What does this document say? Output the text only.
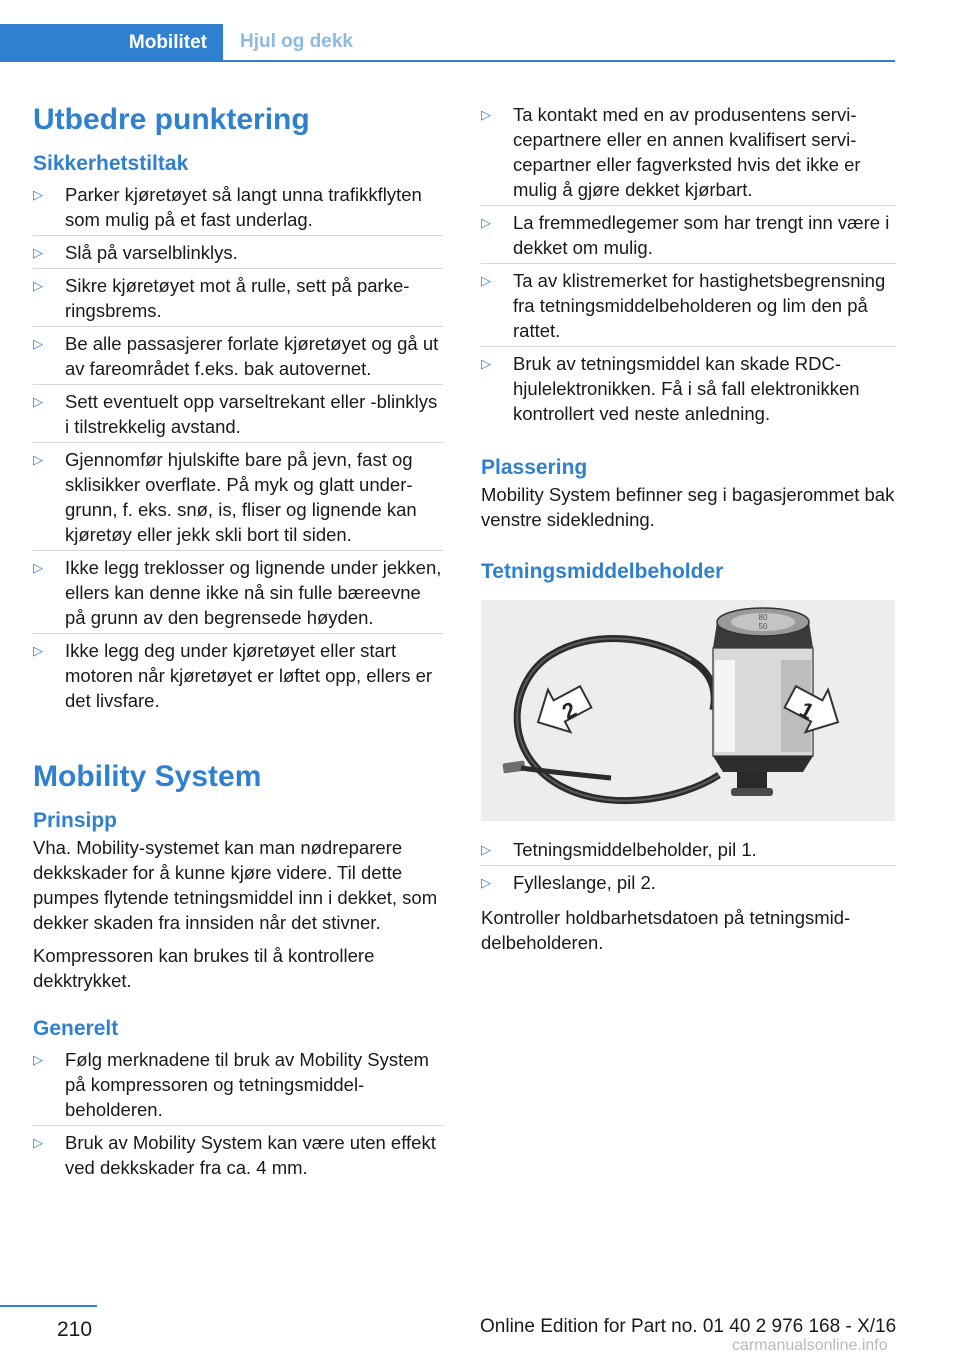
Mobilitet	Hjul og dekk
Utbedre punktering
Sikkerhetstiltak
▷ Parker kjøretøyet så langt unna trafikkflyten som mulig på et fast underlag.
▷ Slå på varselblinklys.
▷ Sikre kjøretøyet mot å rulle, sett på parkeringsbrems.
▷ Be alle passasjerer forlate kjøretøyet og gå ut av fareområdet f.eks. bak autovernet.
▷ Sett eventuelt opp varseltrekant eller -blinklys i tilstrekkelig avstand.
▷ Gjennomfør hjulskifte bare på jevn, fast og sklisikker overflate. På myk og glatt undergrunn, f. eks. snø, is, fliser og lignende kan kjøretøy eller jekk skli bort til siden.
▷ Ikke legg treklosser og lignende under jekken, ellers kan denne ikke nå sin fulle bæreevne på grunn av den begrensede høyden.
▷ Ikke legg deg under kjøretøyet eller start motoren når kjøretøyet er løftet opp, ellers er det livsfare.
Mobility System
Prinsipp
Vha. Mobility-systemet kan man nødreparere dekkskader for å kunne kjøre videre. Til dette pumpes flytende tetningsmiddel inn i dekket, som dekker skaden fra innsiden når det stivner.
Kompressoren kan brukes til å kontrollere dekktrykket.
Generelt
▷ Følg merknadene til bruk av Mobility System på kompressoren og tetningsmiddelbeholderen.
▷ Bruk av Mobility System kan være uten effekt ved dekkskader fra ca. 4 mm.
▷ Ta kontakt med en av produsentens servicepartnere eller en annen kvalifisert servicepartner eller fagverksted hvis det ikke er mulig å gjøre dekket kjørbart.
▷ La fremmedlegemer som har trengt inn være i dekket om mulig.
▷ Ta av klistremerket for hastighetsbegrensning fra tetningsmiddelbeholderen og lim den på rattet.
▷ Bruk av tetningsmiddel kan skade RDC-hjulelektronikken. Få i så fall elektronikken kontrollert ved neste anledning.
Plassering
Mobility System befinner seg i bagasjerommet bak venstre sidekledning.
Tetningsmiddelbeholder
80
50
2	1
▷ Tetningsmiddelbeholder, pil 1.
▷ Fylleslange, pil 2.
Kontroller holdbarhetsdatoen på tetningsmiddelbeholderen.
210	Online Edition for Part no. 01 40 2 976 168 - X/16
carmanualsonline.info
